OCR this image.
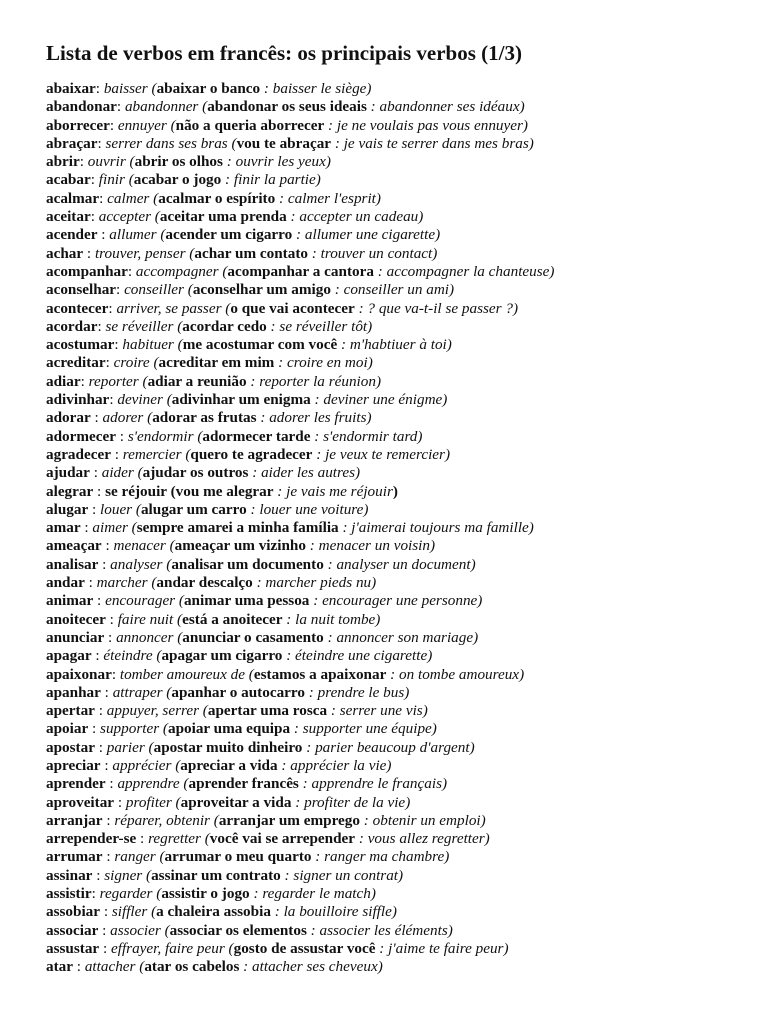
Lista de verbos em francês: os principais verbos (1/3)
abaixar: baisser (abaixar o banco : baisser le siège)
abandonar: abandonner (abandonar os seus ideais : abandonner ses idéaux)
aborrecer: ennuyer (não a queria aborrecer : je ne voulais pas vous ennuyer)
abraçar: serrer dans ses bras (vou te abraçar : je vais te serrer dans mes bras)
abrir: ouvrir (abrir os olhos : ouvrir les yeux)
acabar: finir (acabar o jogo : finir la partie)
acalmar: calmer (acalmar o espírito : calmer l'esprit)
aceitar: accepter (aceitar uma prenda : accepter un cadeau)
acender : allumer (acender um cigarro : allumer une cigarette)
achar : trouver, penser (achar um contato : trouver un contact)
acompanhar: accompagner (acompanhar a cantora : accompagner la chanteuse)
aconselhar: conseiller (aconselhar um amigo : conseiller un ami)
acontecer: arriver, se passer (o que vai acontecer : ? que va-t-il se passer ?)
acordar: se réveiller (acordar cedo : se réveiller tôt)
acostumar: habituer (me acostumar com você : m'habtiuer à toi)
acreditar: croire (acreditar em mim : croire en moi)
adiar: reporter (adiar a reunião : reporter la réunion)
adivinhar: deviner (adivinhar um enigma : deviner une énigme)
adorar : adorer (adorar as frutas : adorer les fruits)
adormecer : s'endormir (adormecer tarde : s'endormir tard)
agradecer : remercier (quero te agradecer : je veux te remercier)
ajudar : aider (ajudar os outros : aider les autres)
alegrar : se réjouir (vou me alegrar : je vais me réjouir)
alugar : louer (alugar um carro : louer une voiture)
amar : aimer (sempre amarei a minha família : j'aimerai toujours ma famille)
ameaçar : menacer (ameaçar um vizinho : menacer un voisin)
analisar : analyser (analisar um documento : analyser un document)
andar : marcher (andar descalço : marcher pieds nu)
animar : encourager (animar uma pessoa : encourager une personne)
anoitecer : faire nuit (está a anoitecer : la nuit tombe)
anunciar : annoncer (anunciar o casamento : annoncer son mariage)
apagar : éteindre (apagar um cigarro : éteindre une cigarette)
apaixonar: tomber amoureux de (estamos a apaixonar : on tombe amoureux)
apanhar : attraper (apanhar o autocarro : prendre le bus)
apertar : appuyer, serrer (apertar uma rosca : serrer une vis)
apoiar : supporter (apoiar uma equipa : supporter une équipe)
apostar : parier (apostar muito dinheiro : parier beaucoup d'argent)
apreciar : apprécier (apreciar a vida : apprécier la vie)
aprender : apprendre (aprender francês : apprendre le français)
aproveitar : profiter (aproveitar a vida : profiter de la vie)
arranjar : réparer, obtenir (arranjar um emprego : obtenir un emploi)
arrepender-se : regretter (você vai se arrepender : vous allez regretter)
arrumar : ranger (arrumar o meu quarto : ranger ma chambre)
assinar : signer (assinar um contrato : signer un contrat)
assistir: regarder (assistir o jogo : regarder le match)
assobiar : siffler (a chaleira assobia : la bouilloire siffle)
associar : associer (associar os elementos : associer les éléments)
assustar : effrayer, faire peur (gosto de assustar você : j'aime te faire peur)
atar : attacher (atar os cabelos : attacher ses cheveux)
